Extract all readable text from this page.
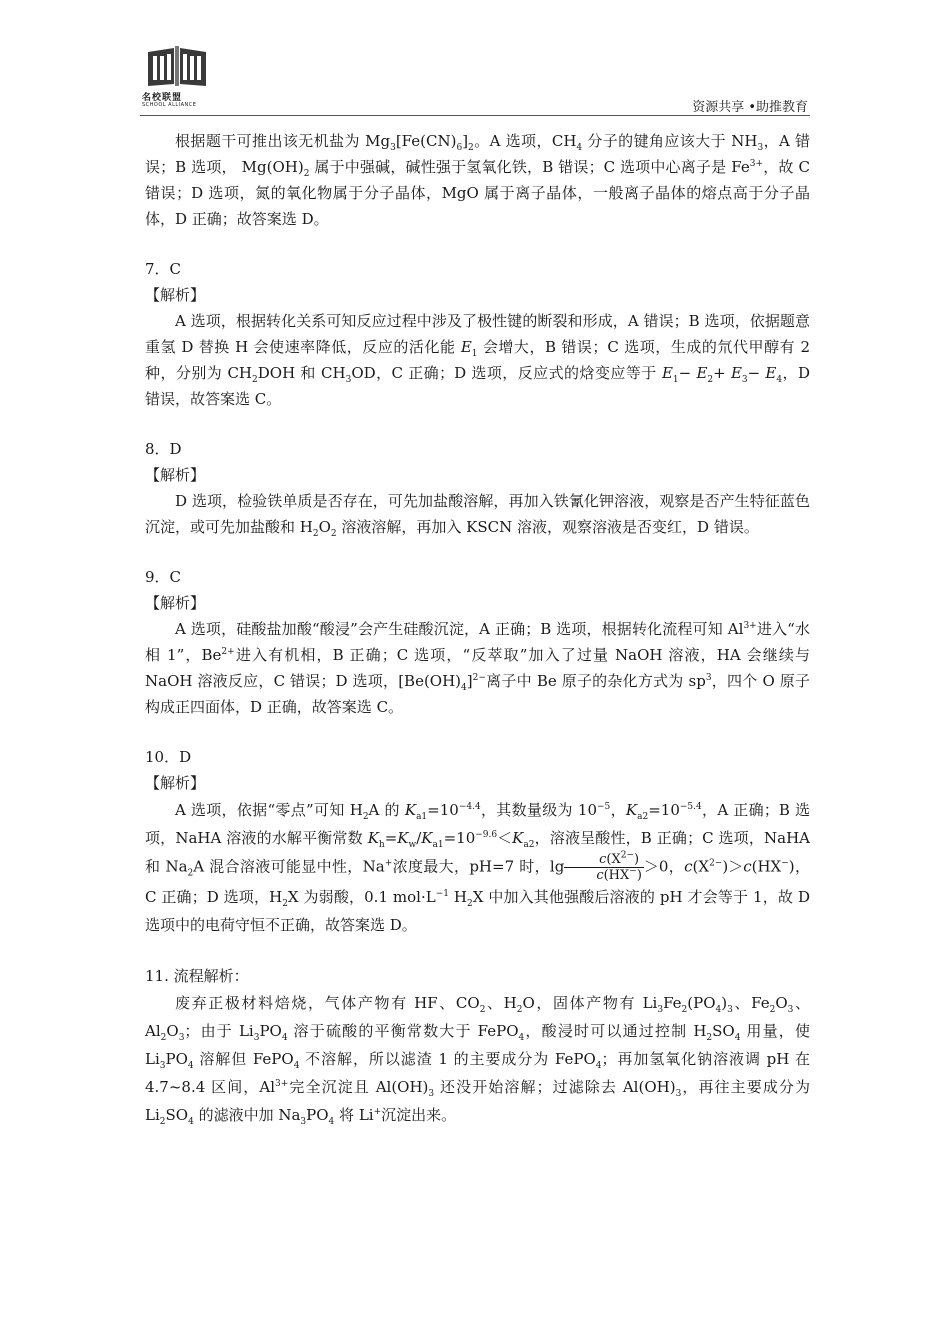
名校联盟
SCHOOL ALLIANCE	资源共享 •助推教育

根据题干可推出该无机盐为 $Mg_3[Fe(CN)_6]_2$。A 选项，$CH_4$ 分子的键角应该大于 $NH_3$，A 错误；B 选项， $Mg(OH)_2$ 属于中强碱，碱性强于氢氧化铁，B 错误；C 选项中心离子是 $Fe^{3+}$，故 C 错误；D 选项，氮的氧化物属于分子晶体，MgO 属于离子晶体，一般离子晶体的熔点高于分子晶体，D 正确；故答案选 D。

7．C

【解析】

A 选项，根据转化关系可知反应过程中涉及了极性键的断裂和形成，A 错误；B 选项，依据题意重氢 D 替换 H 会使速率降低，反应的活化能 $E_1$ 会增大，B 错误；C 选项，生成的氘代甲醇有 2 种，分别为 $CH_2DOH$ 和 $CH_3OD$，C 正确；D 选项，反应式的焓变应等于 $E_1- E_2+ E_3- E_4$，D 错误，故答案选 C。

8．D

【解析】

D 选项，检验铁单质是否存在，可先加盐酸溶解，再加入铁氰化钾溶液，观察是否产生特征蓝色沉淀，或可先加盐酸和 $H_2O_2$ 溶液溶解，再加入 KSCN 溶液，观察溶液是否变红，D 错误。

9．C

【解析】

A 选项，硅酸盐加酸“酸浸”会产生硅酸沉淀，A 正确；B 选项，根据转化流程可知 $Al^{3+}$进入“水相 1”，$Be^{2+}$进入有机相，B 正确；C 选项，“反萃取”加入了过量 NaOH 溶液，HA 会继续与 NaOH 溶液反应，C 错误；D 选项，$[Be(OH)_4]^{2-}$离子中 Be 原子的杂化方式为 $sp^3$，四个 O 原子构成正四面体，D 正确，故答案选 C。

10．D

【解析】

A 选项，依据“零点”可知 $H_2A$ 的 $K_{a1}=10^{-4.4}$，其数量级为 $10^{-5}$，$K_{a2}=10^{-5.4}$，A 正确；B 选项，NaHA 溶液的水解平衡常数 $K_h=K_w/K_{a1}=10^{-9.6}<K_{a2}$，溶液呈酸性，B 正确；C 选项，NaHA 和 $Na_2A$ 混合溶液可能显中性，Na+浓度最大，pH=7 时，$\lg \frac{c(X^{2-})}{c(HX^-)} >0$，$c(X^{2-})>c(HX^-)$，C 正确；D 选项，$H_2X$ 为弱酸，0.1 $mol\cdot L^{-1}$ $H_2X$ 中加入其他强酸后溶液的 pH 才会等于 1，故 D 选项中的电荷守恒不正确，故答案选 D。

11. 流程解析：

废弃正极材料焙烧，气体产物有 HF、$CO_2$、$H_2O$，固体产物有 $Li_3Fe_2(PO_4)_3$、$Fe_2O_3$、$Al_2O_3$；由于 $Li_3PO_4$ 溶于硫酸的平衡常数大于 FePO$_4$，酸浸时可以通过控制 $H_2SO_4$ 用量，使 $Li_3PO_4$ 溶解但 FePO$_4$ 不溶解，所以滤渣 1 的主要成分为 FePO$_4$；再加氢氧化钠溶液调 pH 在 4.7~8.4 区间，$Al^{3+}$完全沉淀且 $Al(OH)_3$ 还没开始溶解；过滤除去 $Al(OH)_3$，再往主要成分为 $Li_2SO_4$ 的滤液中加 $Na_3PO_4$ 将 Li+沉淀出来。
